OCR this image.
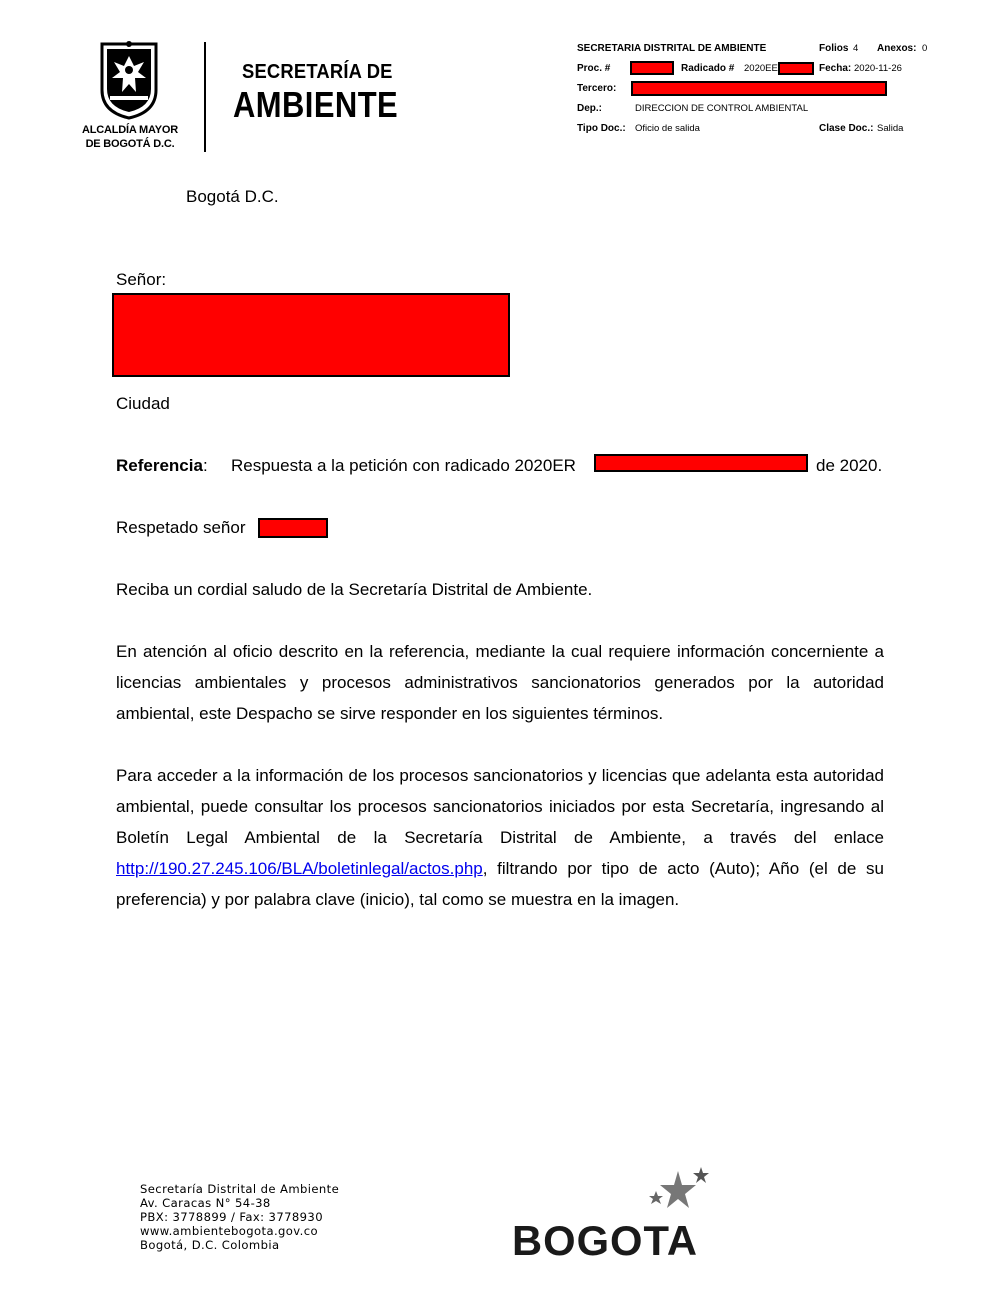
ALCALDÍA MAYOR
DE BOGOTÁ D.C.
SECRETARÍA DE
AMBIENTE
SECRETARIA DISTRITAL DE AMBIENTE	Folios 4 Anexos: 0
Proc. #	Radicado # 2020EE	Fecha: 2020-11-26
Tercero:
Dep.:	DIRECCION DE CONTROL AMBIENTAL
Tipo Doc.: Oficio de salida	Clase Doc.: Salida
Bogotá D.C.
Señor:
Ciudad
Referencia: Respuesta a la petición con radicado 2020ER	de 2020.
Respetado señor
Reciba un cordial saludo de la Secretaría Distrital de Ambiente.
En atención al oficio descrito en la referencia, mediante la cual requiere información concerniente a licencias ambientales y procesos administrativos sancionatorios generados por la autoridad ambiental, este Despacho se sirve responder en los siguientes términos.
Para acceder a la información de los procesos sancionatorios y licencias que adelanta esta autoridad ambiental, puede consultar los procesos sancionatorios iniciados por esta Secretaría, ingresando al Boletín Legal Ambiental de la Secretaría Distrital de Ambiente, a través del enlace http://190.27.245.106/BLA/boletinlegal/actos.php, filtrando por tipo de acto (Auto); Año (el de su preferencia) y por palabra clave (inicio), tal como se muestra en la imagen.
Secretaría Distrital de Ambiente
Av. Caracas N° 54-38
PBX: 3778899 / Fax: 3778930
www.ambientebogota.gov.co
Bogotá, D.C. Colombia	BOGOTA
